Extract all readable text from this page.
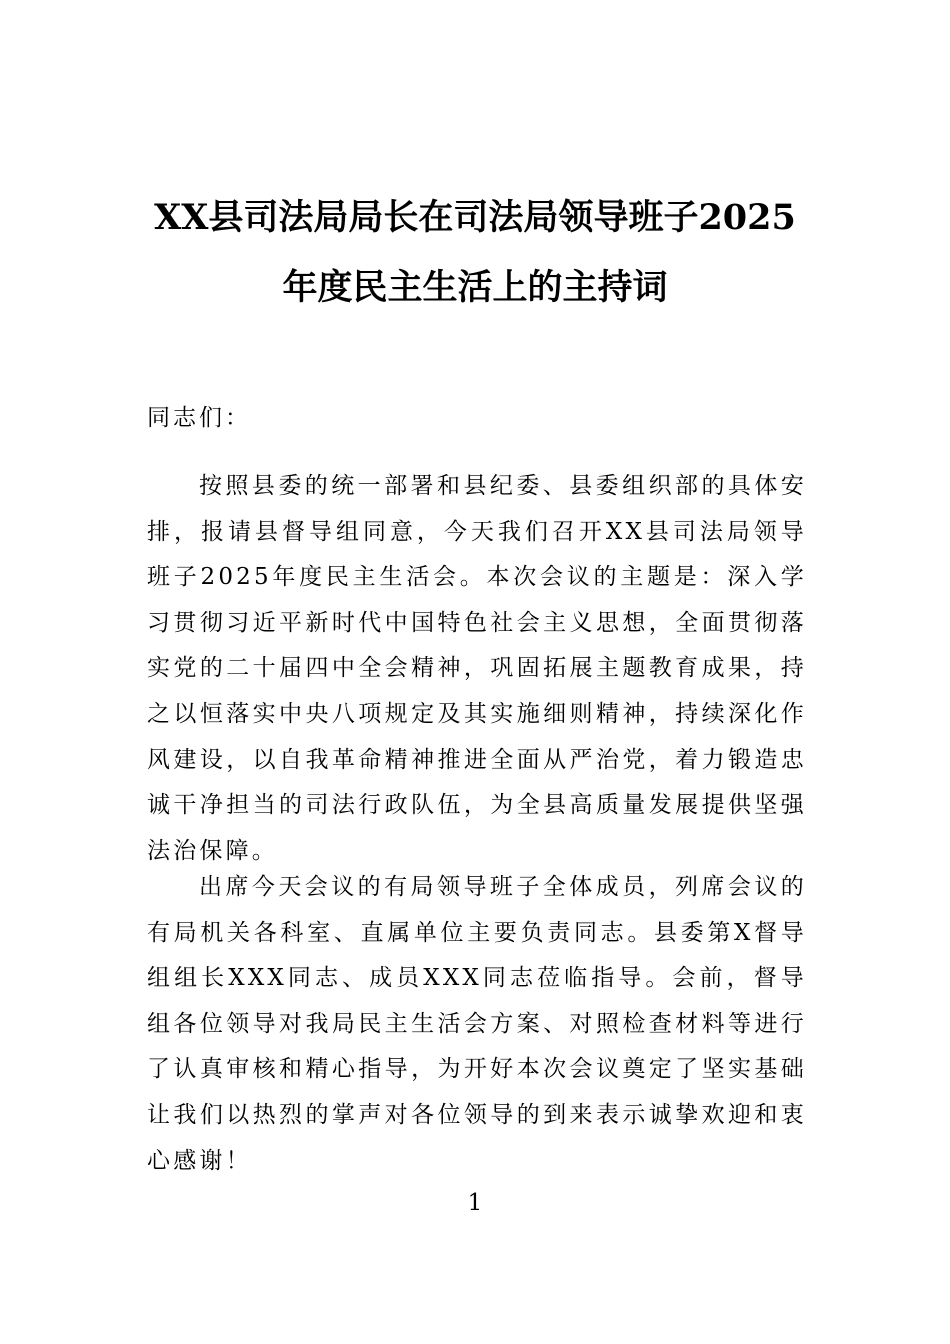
XX县司法局局长在司法局领导班子2025
年度民主生活上的主持词
同志们：

按照县委的统一部署和县纪委、县委组织部的具体安排，报请县督导组同意，今天我们召开XX县司法局领导班子2025年度民主生活会。本次会议的主题是：深入学习贯彻习近平新时代中国特色社会主义思想，全面贯彻落实党的二十届四中全会精神，巩固拓展主题教育成果，持之以恒落实中央八项规定及其实施细则精神，持续深化作风建设，以自我革命精神推进全面从严治党，着力锻造忠诚干净担当的司法行政队伍，为全县高质量发展提供坚强法治保障。

出席今天会议的有局领导班子全体成员，列席会议的有局机关各科室、直属单位主要负责同志。县委第X督导组组长XXX同志、成员XXX同志莅临指导。会前，督导组各位领导对我局民主生活会方案、对照检查材料等进行了认真审核和精心指导，为开好本次会议奠定了坚实基础让我们以热烈的掌声对各位领导的到来表示诚挚欢迎和衷心感谢！

1
